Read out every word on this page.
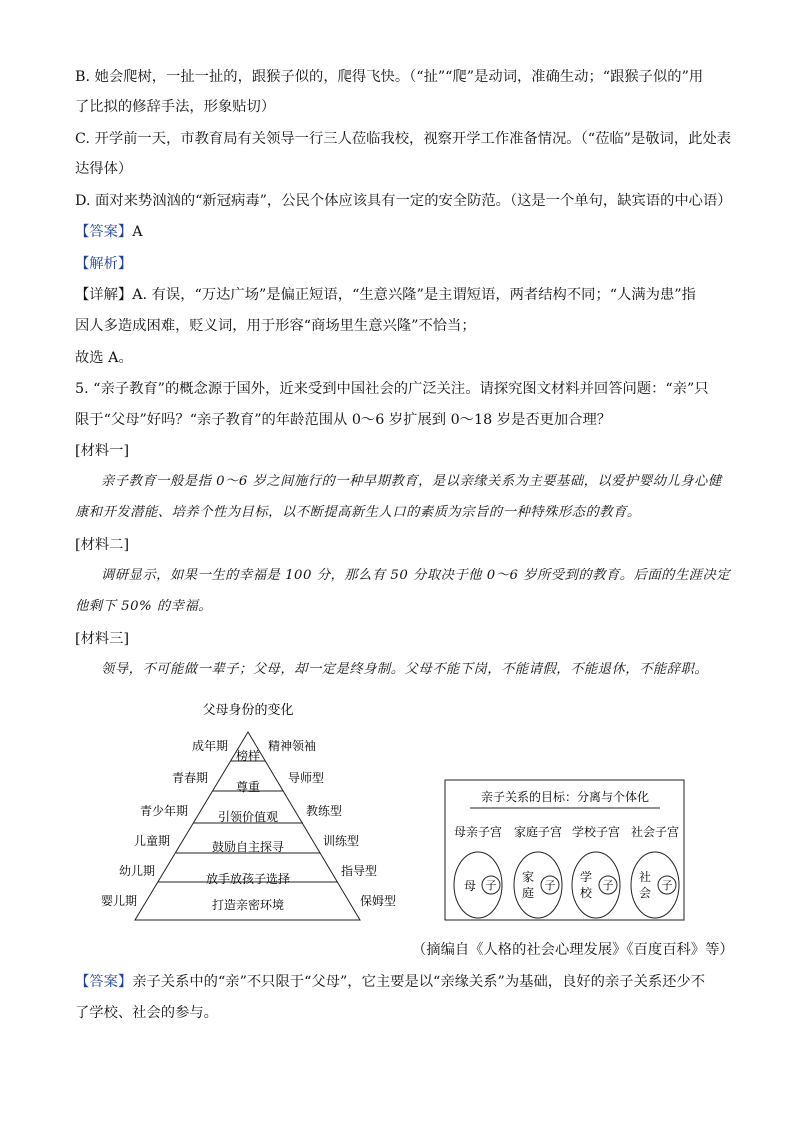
B. 她会爬树，一扯一扯的，跟猴子似的，爬得飞快。（“扯”“爬”是动词，准确生动；“跟猴子似的”用
了比拟的修辞手法，形象贴切）
C. 开学前一天，市教育局有关领导一行三人莅临我校，视察开学工作准备情况。（“莅临”是敬词，此处表
达得体）
D. 面对来势汹汹的“新冠病毒”，公民个体应该具有一定的安全防范。（这是一个单句，缺宾语的中心语）
【答案】A
【解析】
【详解】A. 有误，“万达广场”是偏正短语，“生意兴隆”是主谓短语，两者结构不同；“人满为患”指
因人多造成困难，贬义词，用于形容“商场里生意兴隆”不恰当；
故选 A。
5. “亲子教育”的概念源于国外，近来受到中国社会的广泛关注。请探究图文材料并回答问题：“亲”只
限于“父母”好吗？“亲子教育”的年龄范围从 0～6 岁扩展到 0～18 岁是否更加合理？
[材料一]
亲子教育一般是指 0～6 岁之间施行的一种早期教育，是以亲缘关系为主要基础，以爱护婴幼儿身心健
康和开发潜能、培养个性为目标，以不断提高新生人口的素质为宗旨的一种特殊形态的教育。
[材料二]
调研显示，如果一生的幸福是 100 分，那么有 50 分取决于他 0～6 岁所受到的教育。后面的生涯决定
他剩下 50% 的幸福。
[材料三]
领导，不可能做一辈子；父母，却一定是终身制。父母不能下岗，不能请假，不能退休，不能辞职。
父母身份的变化
榜样
尊重
引领价值观
鼓励自主探寻
放手放孩子选择
打造亲密环境
成年期
青春期
青少年期
儿童期
幼儿期
婴儿期
精神领袖
导师型
教练型
训练型
指导型
保姆型
亲子关系的目标：分离与个体化
母亲子宫 家庭子宫 学校子宫 社会子宫
母 子
家
庭
子
学
校
子
社
会
子
（摘编自《人格的社会心理发展》《百度百科》等）
【答案】亲子关系中的“亲”不只限于“父母”，它主要是以“亲缘关系”为基础，良好的亲子关系还少不
了学校、社会的参与。
